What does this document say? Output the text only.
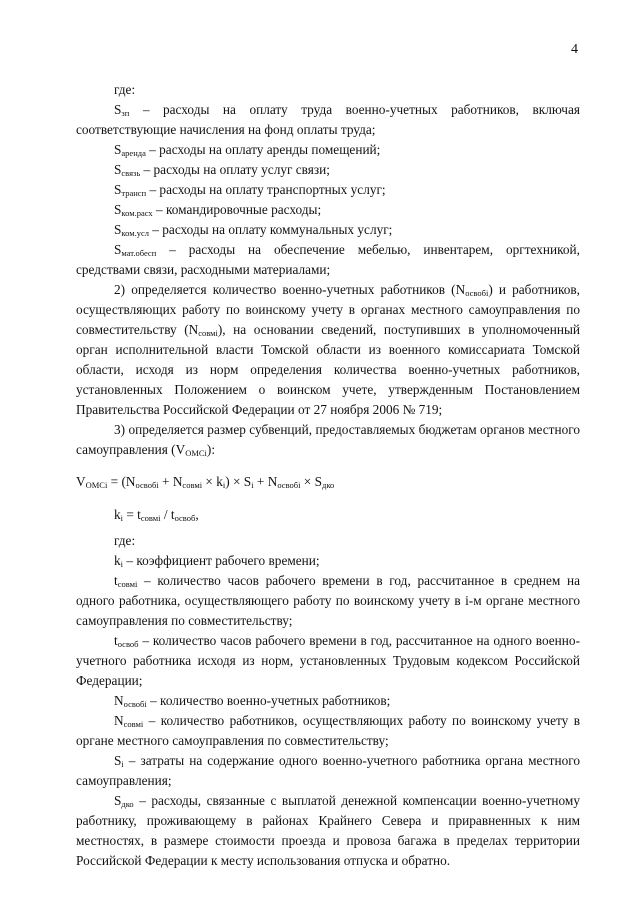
4

где:

$S_{зп}$ – расходы на оплату труда военно-учетных работников, включая соответствующие начисления на фонд оплаты труда;

$S_{аренда}$ – расходы на оплату аренды помещений;

$S_{связь}$ – расходы на оплату услуг связи;

$S_{трансп}$ – расходы на оплату транспортных услуг;

$S_{ком.расх}$ – командировочные расходы;

$S_{ком.усл}$ – расходы на оплату коммунальных услуг;

$S_{мат.обесп}$ – расходы на обеспечение мебелью, инвентарем, оргтехникой, средствами связи, расходными материалами;

2) определяется количество военно-учетных работников $(N_{освобi})$ и работников, осуществляющих работу по воинскому учету в органах местного самоуправления по совместительству $(N_{совмi})$, на основании сведений, поступивших в уполномоченный орган исполнительной власти Томской области из военного комиссариата Томской области, исходя из норм определения количества военно-учетных работников, установленных Положением о воинском учете, утвержденным Постановлением Правительства Российской Федерации от 27 ноября 2006 № 719;

3) определяется размер субвенций, предоставляемых бюджетам органов местного самоуправления $(V_{OMCi})$:

$V_{OMCi} = (N_{освобi} + N_{совмi} \times k_i) \times S_i + N_{освобi} \times S_{дко}$

$k_i = t_{совмi} / t_{освоб}$,

где:

$k_i$ – коэффициент рабочего времени;

$t_{совмi}$ – количество часов рабочего времени в год, рассчитанное в среднем на одного работника, осуществляющего работу по воинскому учету в i-м органе местного самоуправления по совместительству;

$t_{освоб}$ – количество часов рабочего времени в год, рассчитанное на одного военно-учетного работника исходя из норм, установленных Трудовым кодексом Российской Федерации;

$N_{освобi}$ – количество военно-учетных работников;

$N_{совмi}$ – количество работников, осуществляющих работу по воинскому учету в органе местного самоуправления по совместительству;

$S_i$ – затраты на содержание одного военно-учетного работника органа местного самоуправления;

$S_{дко}$ – расходы, связанные с выплатой денежной компенсации военно-учетному работнику, проживающему в районах Крайнего Севера и приравненных к ним местностях, в размере стоимости проезда и провоза багажа в пределах территории Российской Федерации к месту использования отпуска и обратно.
